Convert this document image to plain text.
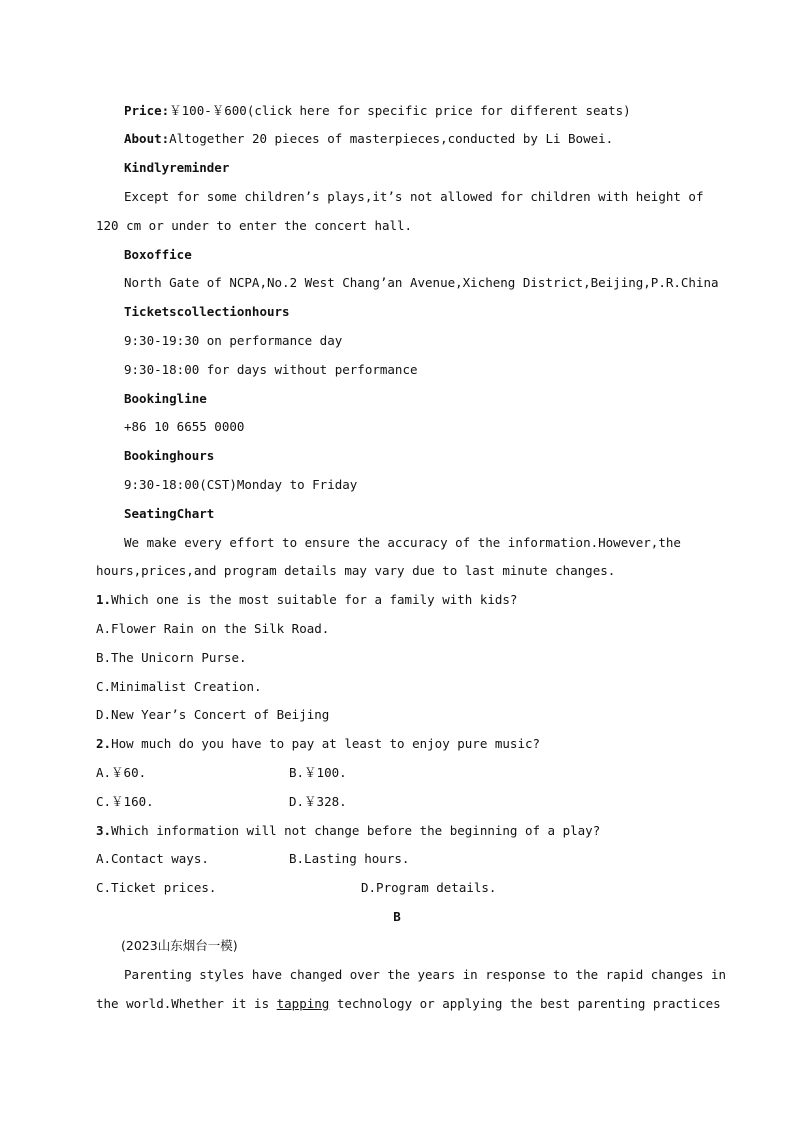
Price:￥100-￥600(click here for specific price for different seats)
About:Altogether 20 pieces of masterpieces,conducted by Li Bowei.
Kindlyreminder
Except for some children’s plays,it’s not allowed for children with height of
120 cm or under to enter the concert hall.
Boxoffice
North Gate of NCPA,No.2 West Chang’an Avenue,Xicheng District,Beijing,P.R.China
Ticketscollectionhours
9:30-19:30 on performance day
9:30-18:00 for days without performance
Bookingline
+86 10 6655 0000
Bookinghours
9:30-18:00(CST)Monday to Friday
SeatingChart
We make every effort to ensure the accuracy of the information.However,the
hours,prices,and program details may vary due to last minute changes.
1.Which one is the most suitable for a family with kids?
A.Flower Rain on the Silk Road.
B.The Unicorn Purse.
C.Minimalist Creation.
D.New Year’s Concert of Beijing
2.How much do you have to pay at least to enjoy pure music?
A.￥60.	B.￥100.
C.￥160.	D.￥328.
3.Which information will not change before the beginning of a play?
A.Contact ways.	B.Lasting hours.
C.Ticket prices.	D.Program details.
B
(2023山东烟台一模)
Parenting styles have changed over the years in response to the rapid changes in
the world.Whether it is tapping technology or applying the best parenting practices
